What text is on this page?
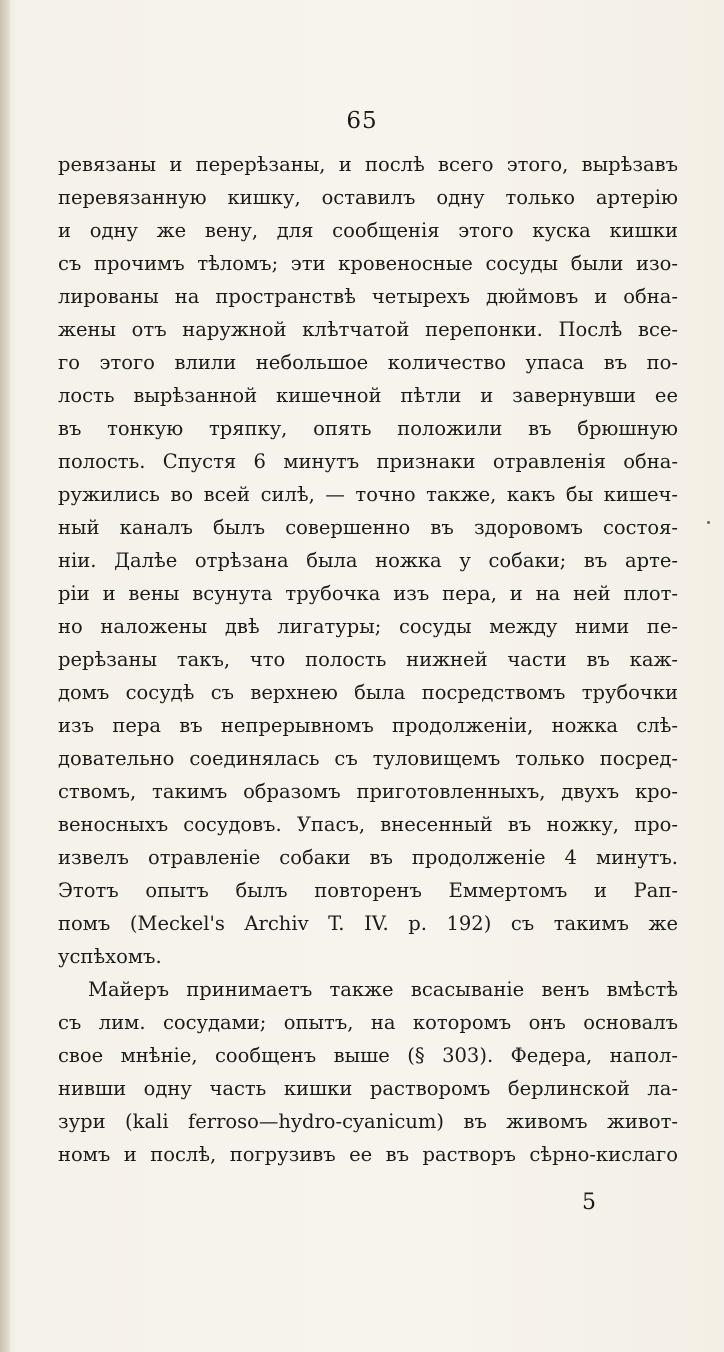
65
ревязаны и перерѣзаны, и послѣ всего этого, вырѣзавъ
перевязанную кишку, оставилъ одну только артерію
и одну же вену, для сообщенія этого куска кишки
съ прочимъ тѣломъ; эти кровеносные сосуды были изо-
лированы на пространствѣ четырехъ дюймовъ и обна-
жены отъ наружной клѣтчатой перепонки. Послѣ все-
го этого влили небольшое количество упаса въ по-
лость вырѣзанной кишечной пѣтли и завернувши ее
въ тонкую тряпку, опять положили въ брюшную
полость. Спустя 6 минутъ признаки отравленія обна-
ружились во всей силѣ, — точно также, какъ бы кишеч-
ный каналъ былъ совершенно въ здоровомъ состоя-
ніи. Далѣе отрѣзана была ножка у собаки; въ арте-
ріи и вены всунута трубочка изъ пера, и на ней плот-
но наложены двѣ лигатуры; сосуды между ними пе-
рерѣзаны такъ, что полость нижней части въ каж-
домъ сосудѣ съ верхнею была посредствомъ трубочки
изъ пера въ непрерывномъ продолженіи, ножка слѣ-
довательно соединялась съ туловищемъ только посред-
ствомъ, такимъ образомъ приготовленныхъ, двухъ кро-
веносныхъ сосудовъ. Упасъ, внесенный въ ножку, про-
извелъ отравленіе собаки въ продолженіе 4 минутъ.
Этотъ опытъ былъ повторенъ Еммертомъ и Рап-
помъ (Meckel's Archiv T. IV. p. 192) съ такимъ же
успѣхомъ.
Майеръ принимаетъ также всасываніе венъ вмѣстѣ
съ лим. сосудами; опытъ, на которомъ онъ основалъ
свое мнѣніе, сообщенъ выше (§ 303). Федера, напол-
нивши одну часть кишки растворомъ берлинской ла-
зури (kali ferroso—hydro-cyanicum) въ живомъ живот-
номъ и послѣ, погрузивъ ее въ растворъ сѣрно-кислаго
5
